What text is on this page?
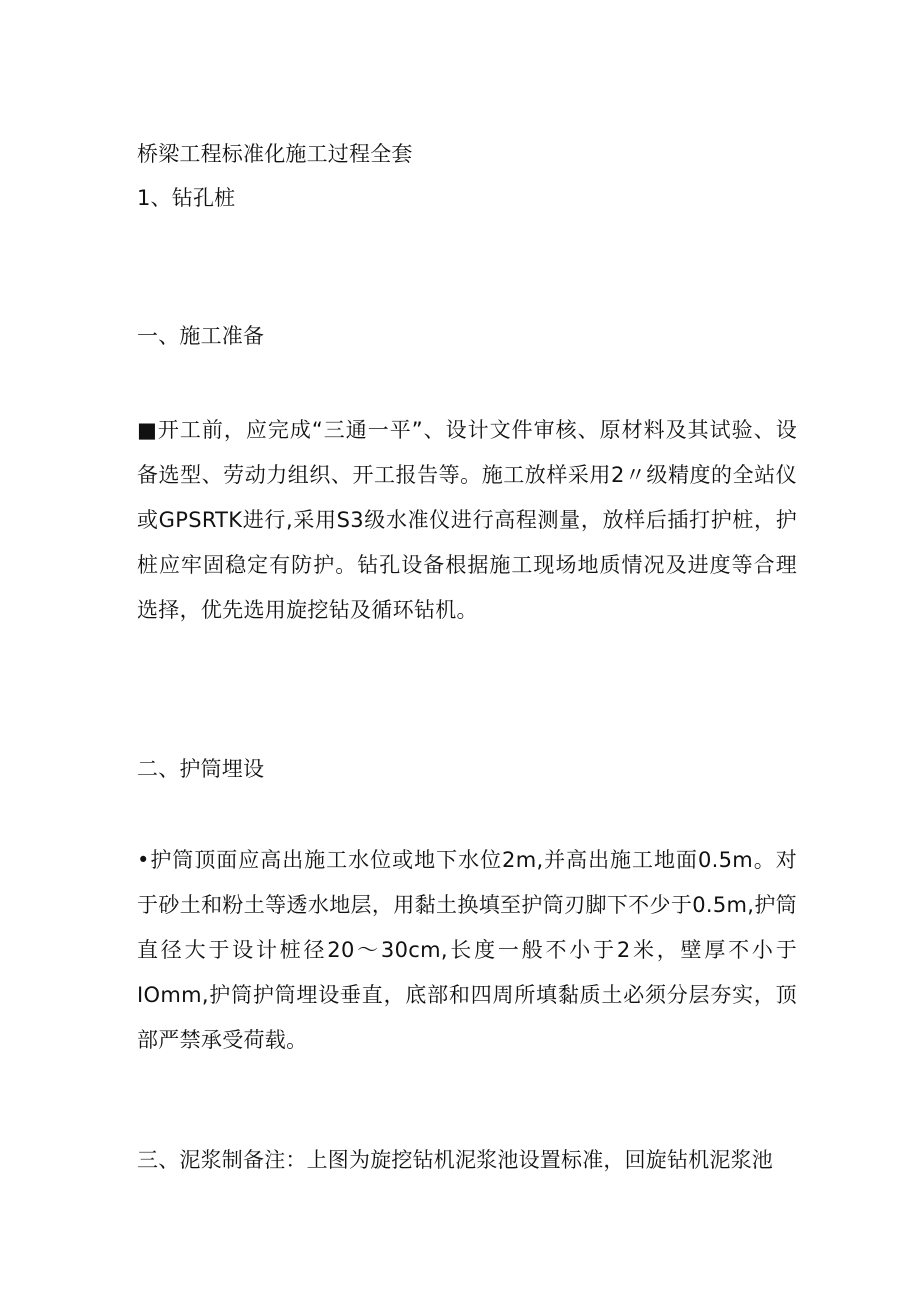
桥梁工程标准化施工过程全套
1、钻孔桩
一、施工准备
■开工前，应完成“三通一平”、设计文件审核、原材料及其试验、设备选型、劳动力组织、开工报告等。施工放样采用2〃级精度的全站仪或GPSRTK进行,采用S3级水准仪进行高程测量，放样后插打护桩，护桩应牢固稳定有防护。钻孔设备根据施工现场地质情况及进度等合理选择，优先选用旋挖钻及循环钻机。
二、护筒埋设
•护筒顶面应高出施工水位或地下水位2m,并高出施工地面0.5m。对于砂土和粉土等透水地层，用黏土换填至护筒刃脚下不少于0.5m,护筒直径大于设计桩径20～30cm,长度一般不小于2米，壁厚不小于IOmm,护筒护筒埋设垂直，底部和四周所填黏质土必须分层夯实，顶部严禁承受荷载。
三、泥浆制备注：上图为旋挖钻机泥浆池设置标准，回旋钻机泥浆池
